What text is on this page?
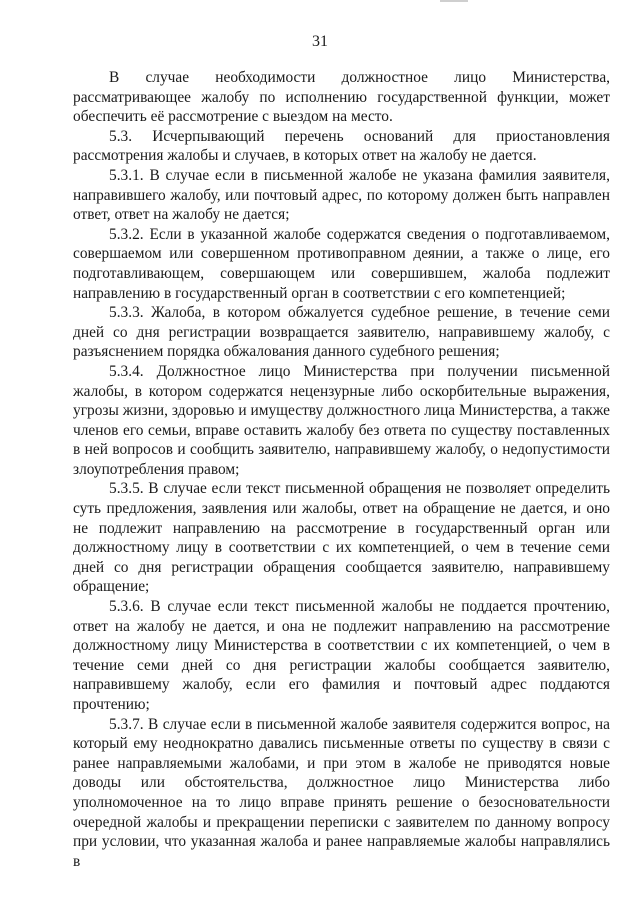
31

В случае необходимости должностное лицо Министерства, рассматривающее жалобу по исполнению государственной функции, может обеспечить её рассмотрение с выездом на место.

5.3. Исчерпывающий перечень оснований для приостановления рассмотрения жалобы и случаев, в которых ответ на жалобу не дается.

5.3.1. В случае если в письменной жалобе не указана фамилия заявителя, направившего жалобу, или почтовый адрес, по которому должен быть направлен ответ, ответ на жалобу не дается;

5.3.2. Если в указанной жалобе содержатся сведения о подготавливаемом, совершаемом или совершенном противоправном деянии, а также о лице, его подготавливающем, совершающем или совершившем, жалоба подлежит направлению в государственный орган в соответствии с его компетенцией;

5.3.3. Жалоба, в котором обжалуется судебное решение, в течение семи дней со дня регистрации возвращается заявителю, направившему жалобу, с разъяснением порядка обжалования данного судебного решения;

5.3.4. Должностное лицо Министерства при получении письменной жалобы, в котором содержатся нецензурные либо оскорбительные выражения, угрозы жизни, здоровью и имуществу должностного лица Министерства, а также членов его семьи, вправе оставить жалобу без ответа по существу поставленных в ней вопросов и сообщить заявителю, направившему жалобу, о недопустимости злоупотребления правом;

5.3.5. В случае если текст письменной обращения не позволяет определить суть предложения, заявления или жалобы, ответ на обращение не дается, и оно не подлежит направлению на рассмотрение в государственный орган или должностному лицу в соответствии с их компетенцией, о чем в течение семи дней со дня регистрации обращения сообщается заявителю, направившему обращение;

5.3.6. В случае если текст письменной жалобы не поддается прочтению, ответ на жалобу не дается, и она не подлежит направлению на рассмотрение должностному лицу Министерства в соответствии с их компетенцией, о чем в течение семи дней со дня регистрации жалобы сообщается заявителю, направившему жалобу, если его фамилия и почтовый адрес поддаются прочтению;

5.3.7. В случае если в письменной жалобе заявителя содержится вопрос, на который ему неоднократно давались письменные ответы по существу в связи с ранее направляемыми жалобами, и при этом в жалобе не приводятся новые доводы или обстоятельства, должностное лицо Министерства либо уполномоченное на то лицо вправе принять решение о безосновательности очередной жалобы и прекращении переписки с заявителем по данному вопросу при условии, что указанная жалоба и ранее направляемые жалобы направлялись в
